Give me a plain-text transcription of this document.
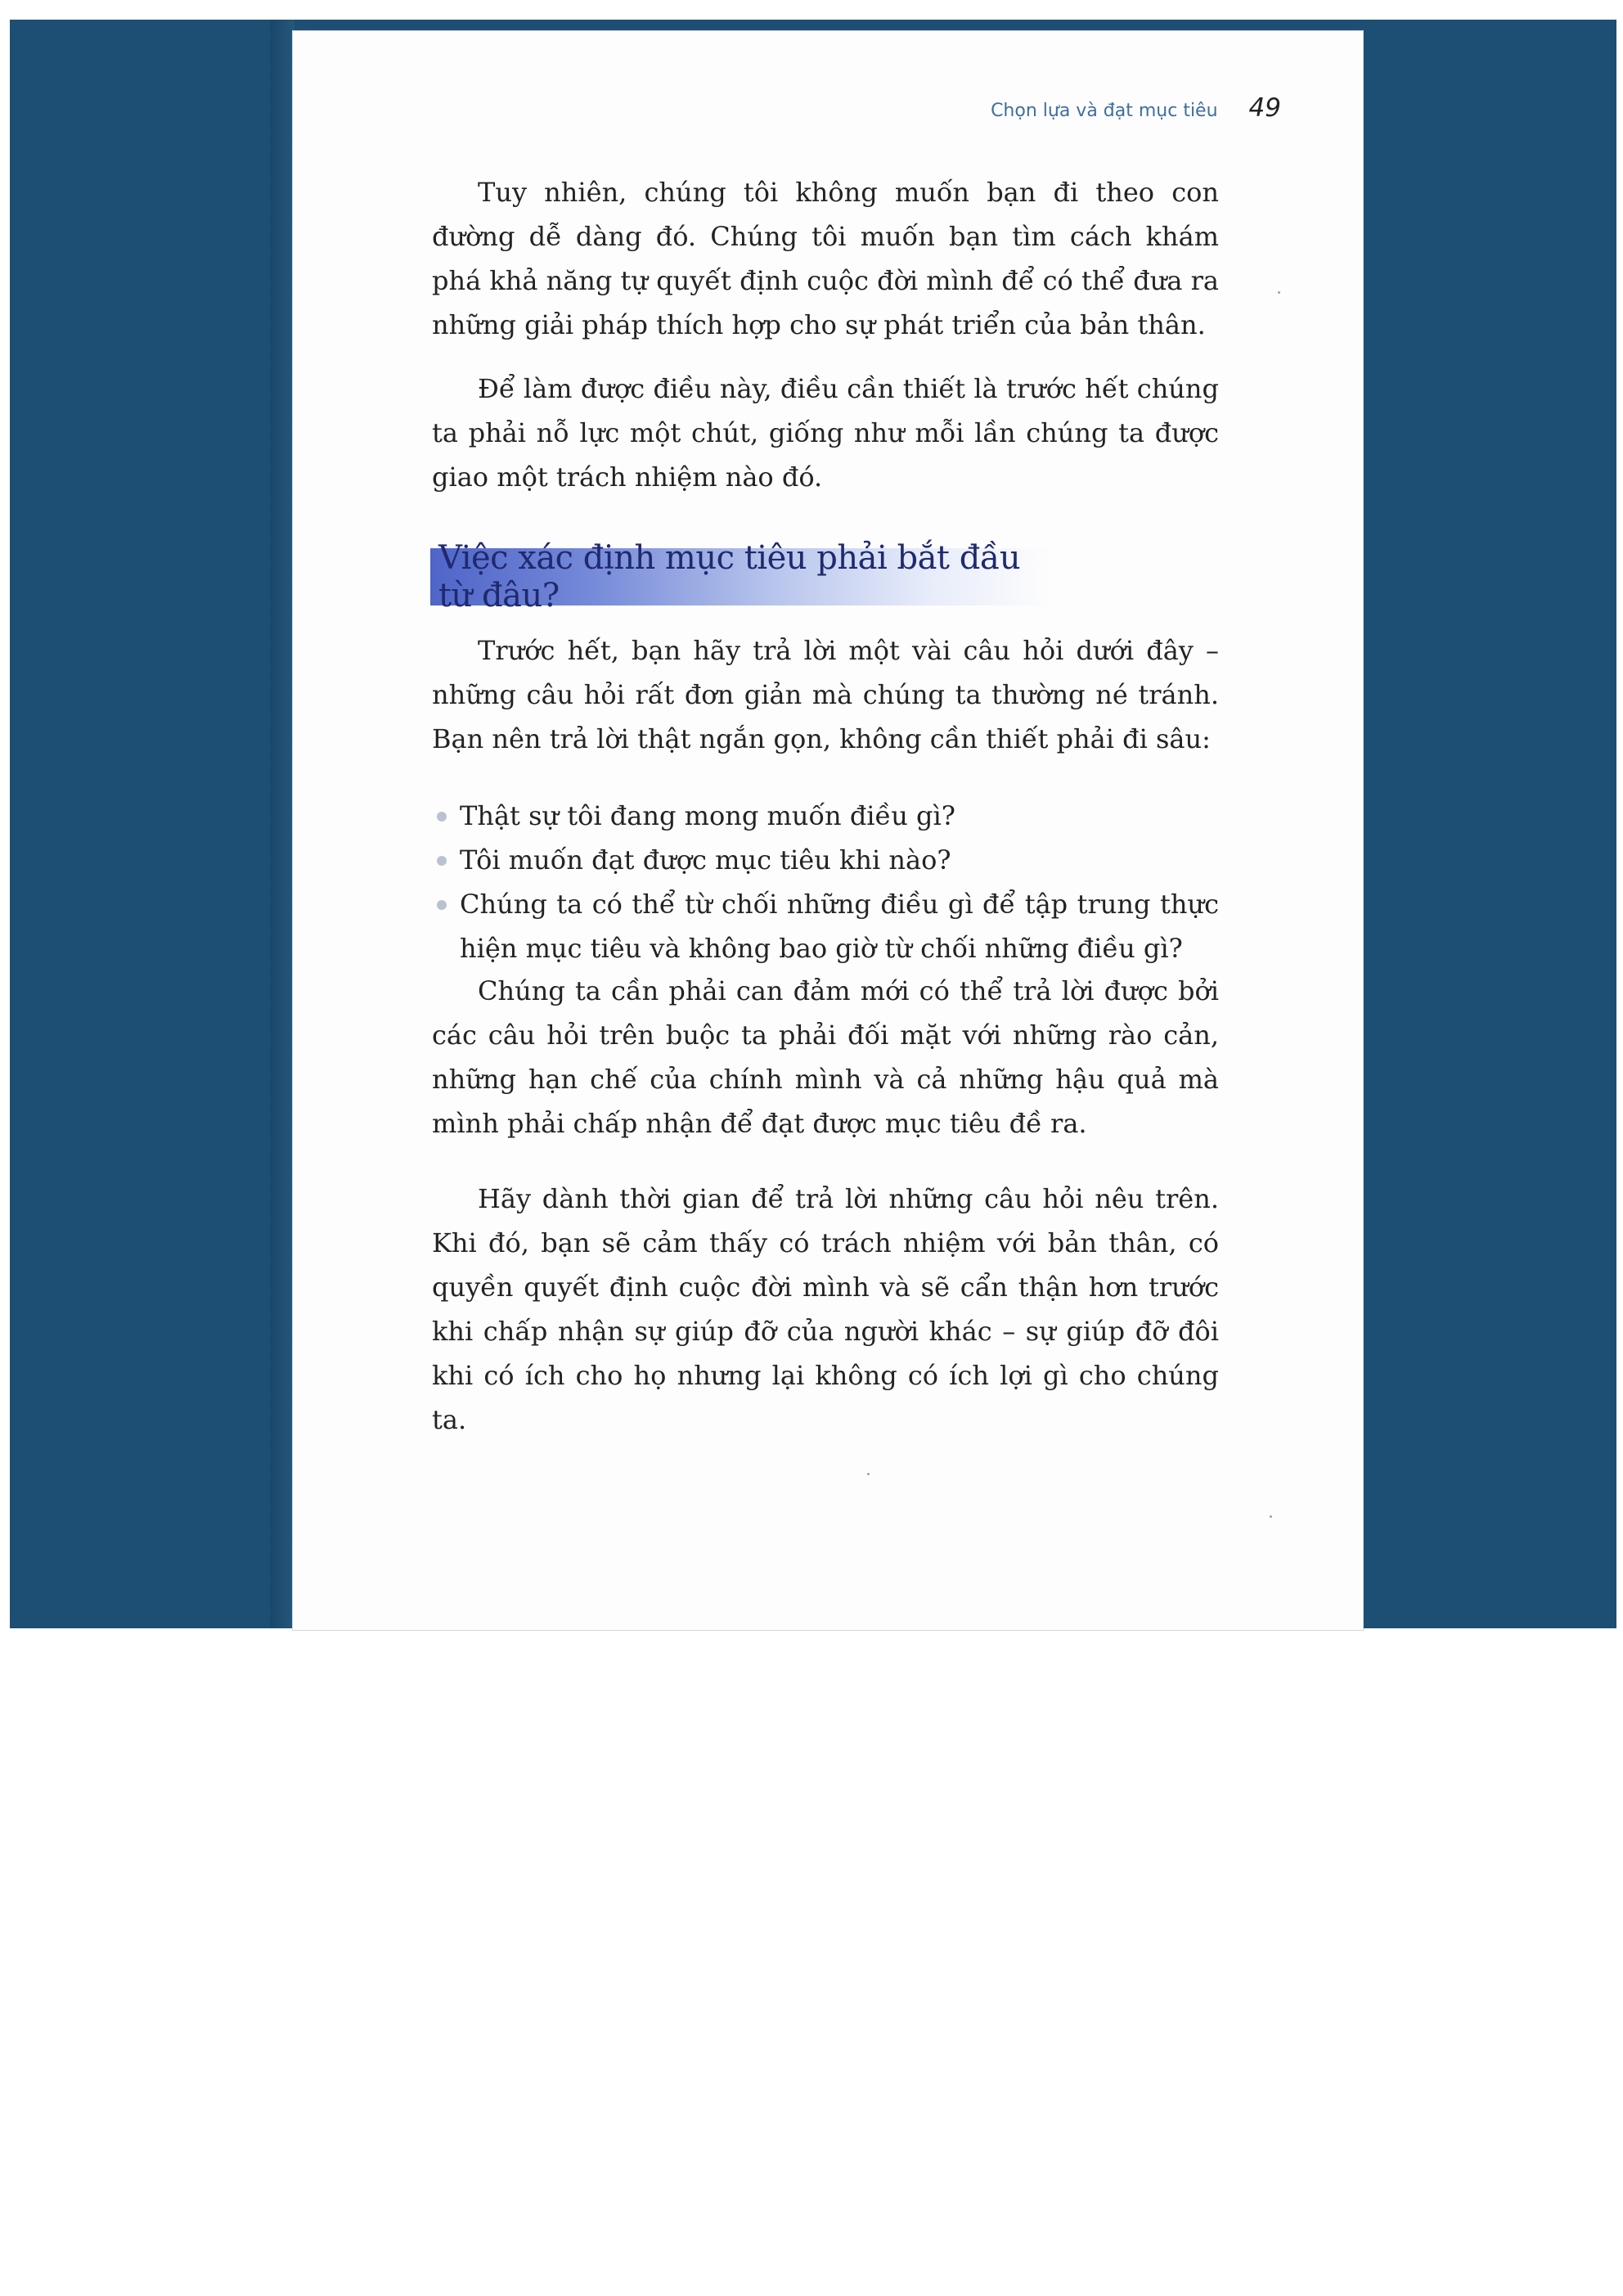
Chọn lựa và đạt mục tiêu 49

Tuy nhiên, chúng tôi không muốn bạn đi theo con đường dễ dàng đó. Chúng tôi muốn bạn tìm cách khám phá khả năng tự quyết định cuộc đời mình để có thể đưa ra những giải pháp thích hợp cho sự phát triển của bản thân.

Để làm được điều này, điều cần thiết là trước hết chúng ta phải nỗ lực một chút, giống như mỗi lần chúng ta được giao một trách nhiệm nào đó.

Việc xác định mục tiêu phải bắt đầu từ đâu?

Trước hết, bạn hãy trả lời một vài câu hỏi dưới đây – những câu hỏi rất đơn giản mà chúng ta thường né tránh. Bạn nên trả lời thật ngắn gọn, không cần thiết phải đi sâu:

Thật sự tôi đang mong muốn điều gì?
Tôi muốn đạt được mục tiêu khi nào?
Chúng ta có thể từ chối những điều gì để tập trung thực hiện mục tiêu và không bao giờ từ chối những điều gì?

Chúng ta cần phải can đảm mới có thể trả lời được bởi các câu hỏi trên buộc ta phải đối mặt với những rào cản, những hạn chế của chính mình và cả những hậu quả mà mình phải chấp nhận để đạt được mục tiêu đề ra.

Hãy dành thời gian để trả lời những câu hỏi nêu trên. Khi đó, bạn sẽ cảm thấy có trách nhiệm với bản thân, có quyền quyết định cuộc đời mình và sẽ cẩn thận hơn trước khi chấp nhận sự giúp đỡ của người khác – sự giúp đỡ đôi khi có ích cho họ nhưng lại không có ích lợi gì cho chúng ta.
